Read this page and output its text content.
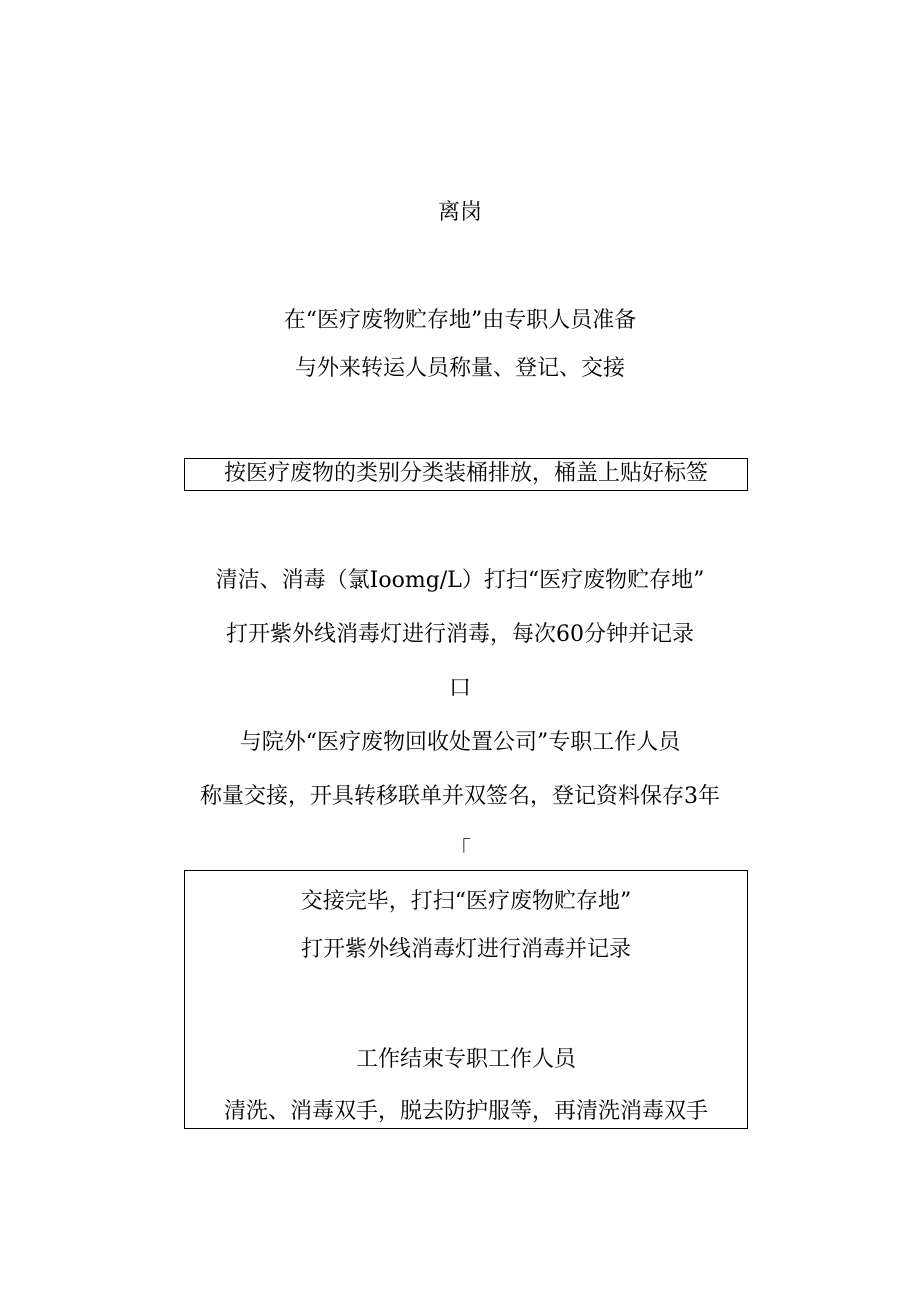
离岗
在“医疗废物贮存地”由专职人员准备
与外来转运人员称量、登记、交接
按医疗废物的类别分类装桶排放，桶盖上贴好标签
清洁、消毒（氯Ioomg/L）打扫“医疗废物贮存地”
打开紫外线消毒灯进行消毒，每次60分钟并记录
口
与院外“医疗废物回收处置公司”专职工作人员
称量交接，开具转移联单并双签名，登记资料保存3年
「
交接完毕，打扫“医疗废物贮存地”
打开紫外线消毒灯进行消毒并记录
工作结束专职工作人员
清洗、消毒双手，脱去防护服等，再清洗消毒双手
